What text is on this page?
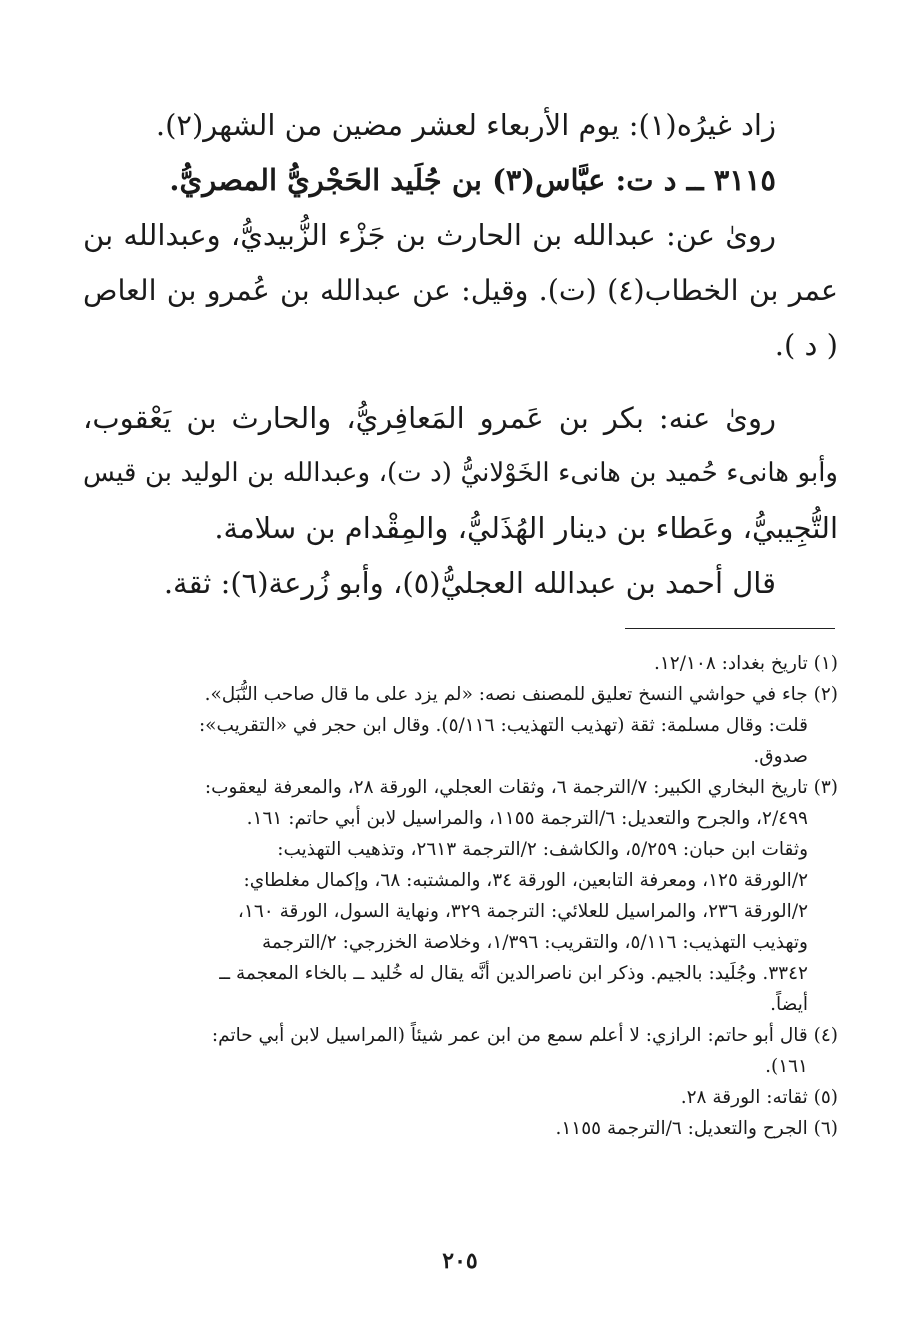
زاد غيرُه(١): يوم الأربعاء لعشر مضين من الشهر(٢).
٣١١٥ ــ د ت: عبَّاس(٣) بن جُلَيد الحَجْريُّ المصريُّ.
روىٰ عن: عبدالله بن الحارث بن جَزْء الزُّبيديُّ، وعبدالله بن
عمر بن الخطاب(٤) (ت). وقيل: عن عبدالله بن عُمرو بن العاص
( د ).
روىٰ عنه: بكر بن عَمرو المَعافِريُّ، والحارث بن يَعْقوب،
وأبو هانىء حُميد بن هانىء الخَوْلانيُّ (د ت)، وعبدالله بن الوليد بن قيس
التُّجِيبيُّ، وعَطاء بن دينار الهُذَليُّ، والمِقْدام بن سلامة.
قال أحمد بن عبدالله العجليُّ(٥)، وأبو زُرعة(٦): ثقة.
(١) تاريخ بغداد: ١٢/١٠٨.
(٢) جاء في حواشي النسخ تعليق للمصنف نصه: «لم يزد على ما قال صاحب النُّبَل».
قلت: وقال مسلمة: ثقة (تهذيب التهذيب: ٥/١١٦). وقال ابن حجر في «التقريب»:
صدوق.
(٣) تاريخ البخاري الكبير: ٧/الترجمة ٦، وثقات العجلي، الورقة ٢٨، والمعرفة ليعقوب:
٢/٤٩٩، والجرح والتعديل: ٦/الترجمة ١١٥٥، والمراسيل لابن أبي حاتم: ١٦١.
وثقات ابن حبان: ٥/٢٥٩، والكاشف: ٢/الترجمة ٢٦١٣، وتذهيب التهذيب:
٢/الورقة ١٢٥، ومعرفة التابعين، الورقة ٣٤، والمشتبه: ٦٨، وإكمال مغلطاي:
٢/الورقة ٢٣٦، والمراسيل للعلائي: الترجمة ٣٢٩، ونهاية السول، الورقة ١٦٠،
وتهذيب التهذيب: ٥/١١٦، والتقريب: ١/٣٩٦، وخلاصة الخزرجي: ٢/الترجمة
٣٣٤٢. وجُلَيد: بالجيم. وذكر ابن ناصرالدين أنَّه يقال له خُليد ــ بالخاء المعجمة ــ
أيضاً.
(٤) قال أبو حاتم: الرازي: لا أعلم سمع من ابن عمر شيئاً (المراسيل لابن أبي حاتم:
١٦١).
(٥) ثقاته: الورقة ٢٨.
(٦) الجرح والتعديل: ٦/الترجمة ١١٥٥.
٢٠٥
